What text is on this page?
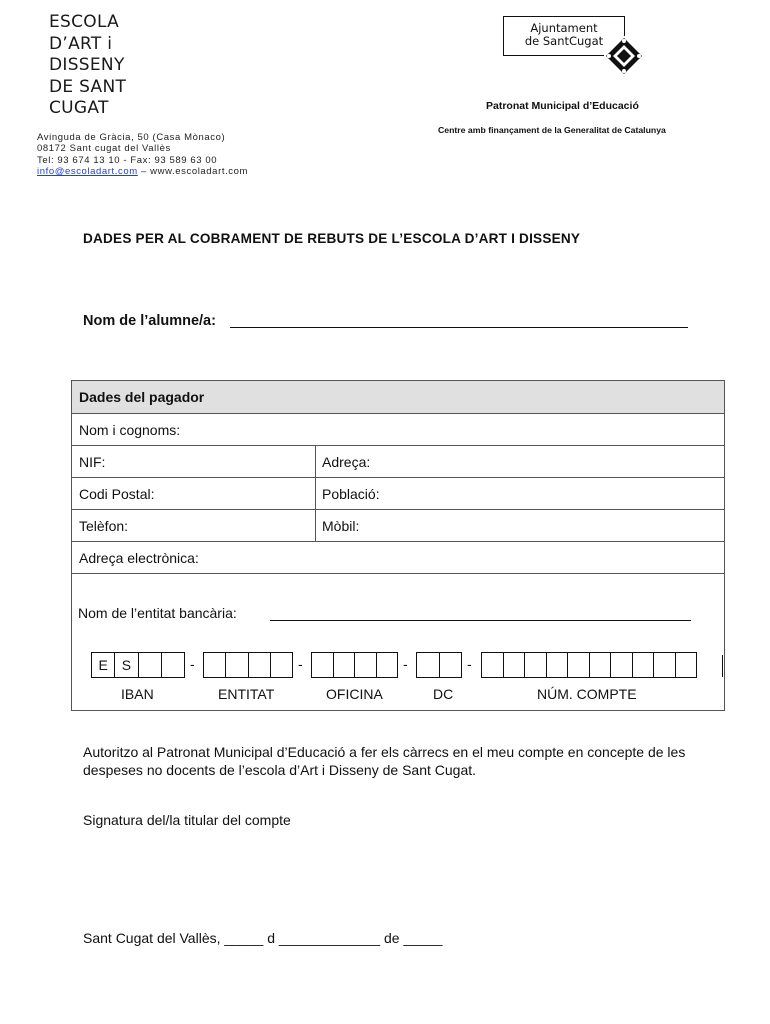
ESCOLA
D’ART i
DISSENY
DE SANT
CUGAT
Avinguda de Gràcia, 50 (Casa Mònaco)
08172 Sant cugat del Vallès
Tel: 93 674 13 10 - Fax: 93 589 63 00
info@escoladart.com – www.escoladart.com
Ajuntament
de SantCugat
Patronat Municipal d’Educació
Centre amb finançament de la Generalitat de Catalunya
DADES PER AL COBRAMENT DE REBUTS DE L’ESCOLA D’ART I DISSENY
Nom de l’alumne/a:
Dades del pagador
Nom i cognoms:
NIF:	Adreça:
Codi Postal:	Població:
Telèfon:	Mòbil:
Adreça electrònica:
Nom de l’entitat bancària:
E S	-	-	-	-
IBAN	ENTITAT	OFICINA	DC	NÚM. COMPTE
Autoritzo al Patronat Municipal d’Educació a fer els càrrecs en el meu compte en concepte de les despeses no docents de l’escola d’Art i Disseny de Sant Cugat.
Signatura del/la titular del compte
Sant Cugat del Vallès, _____ d _____________ de _____
